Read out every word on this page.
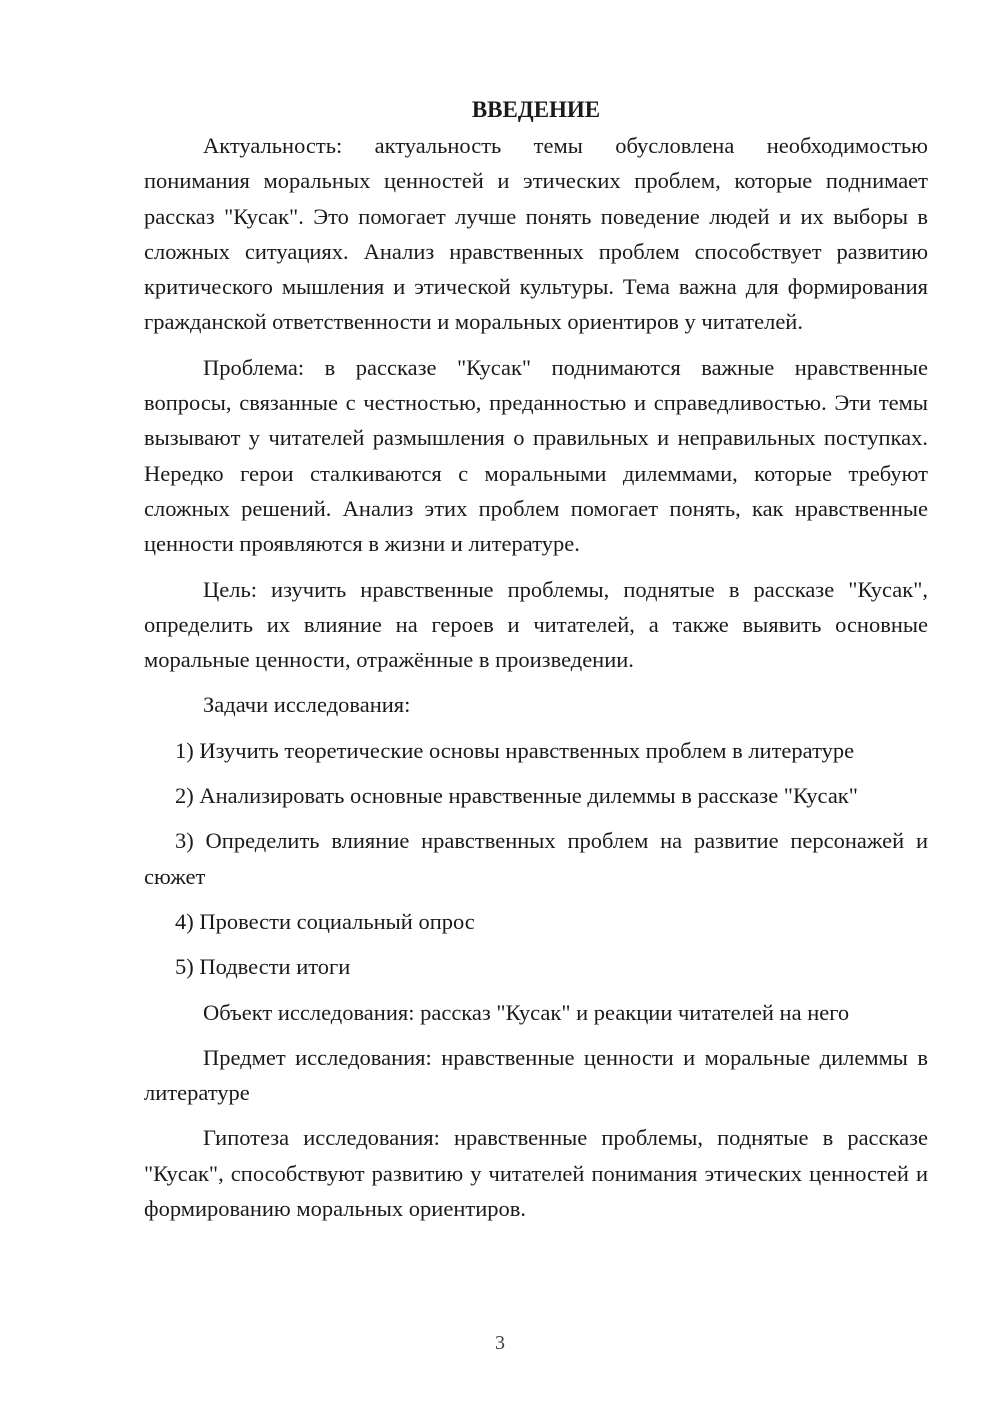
ВВЕДЕНИЕ

Актуальность: актуальность темы обусловлена необходимостью понимания моральных ценностей и этических проблем, которые поднимает рассказ "Кусак". Это помогает лучше понять поведение людей и их выборы в сложных ситуациях. Анализ нравственных проблем способствует развитию критического мышления и этической культуры. Тема важна для формирования гражданской ответственности и моральных ориентиров у читателей.

Проблема: в рассказе "Кусак" поднимаются важные нравственные вопросы, связанные с честностью, преданностью и справедливостью. Эти темы вызывают у читателей размышления о правильных и неправильных поступках. Нередко герои сталкиваются с моральными дилеммами, которые требуют сложных решений. Анализ этих проблем помогает понять, как нравственные ценности проявляются в жизни и литературе.

Цель: изучить нравственные проблемы, поднятые в рассказе "Кусак", определить их влияние на героев и читателей, а также выявить основные моральные ценности, отражённые в произведении.

Задачи исследования:

1) Изучить теоретические основы нравственных проблем в литературе

2) Анализировать основные нравственные дилеммы в рассказе "Кусак"

3) Определить влияние нравственных проблем на развитие персонажей и сюжет

4) Провести социальный опрос

5) Подвести итоги

Объект исследования: рассказ "Кусак" и реакции читателей на него

Предмет исследования: нравственные ценности и моральные дилеммы в литературе

Гипотеза исследования: нравственные проблемы, поднятые в рассказе "Кусак", способствуют развитию у читателей понимания этических ценностей и формированию моральных ориентиров.

3
